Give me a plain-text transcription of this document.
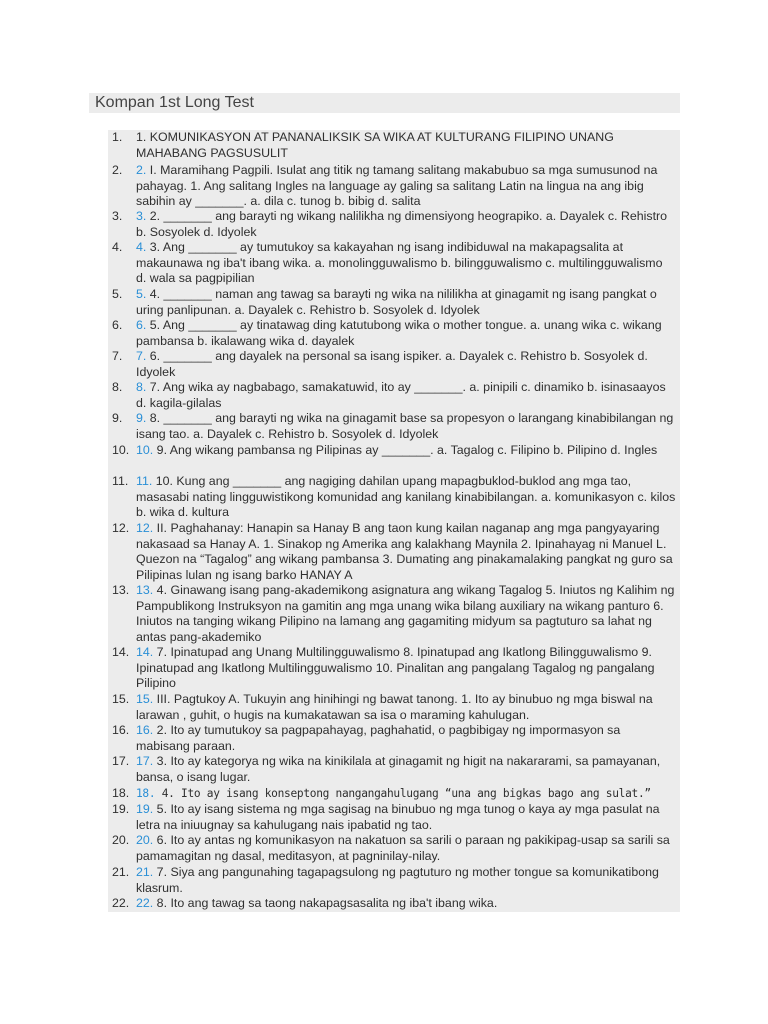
Kompan 1st Long Test
1.	1. KOMUNIKASYON AT PANANALIKSIK SA WIKA AT KULTURANG FILIPINO UNANG MAHABANG PAGSUSULIT
2.	2. I. Maramihang Pagpili. Isulat ang titik ng tamang salitang makabubuo sa mga sumusunod na pahayag. 1. Ang salitang Ingles na language ay galing sa salitang Latin na lingua na ang ibig sabihin ay _______. a. dila c. tunog b. bibig d. salita
3.	3. 2. _______ ang barayti ng wikang nalilikha ng dimensiyong heograpiko. a. Dayalek c. Rehistro b. Sosyolek d. Idyolek
4.	4. 3. Ang _______ ay tumutukoy sa kakayahan ng isang indibiduwal na makapagsalita at makaunawa ng iba't ibang wika. a. monolingguwalismo b. bilingguwalismo c. multilingguwalismo d. wala sa pagpipilian
5.	5. 4. _______ naman ang tawag sa barayti ng wika na nililikha at ginagamit ng isang pangkat o uring panlipunan. a. Dayalek c. Rehistro b. Sosyolek d. Idyolek
6.	6. 5. Ang _______ ay tinatawag ding katutubong wika o mother tongue. a. unang wika c. wikang pambansa b. ikalawang wika d. dayalek
7.	7. 6. _______ ang dayalek na personal sa isang ispiker. a. Dayalek c. Rehistro b. Sosyolek d. Idyolek
8.	8. 7. Ang wika ay nagbabago, samakatuwid, ito ay _______. a. pinipili c. dinamiko b. isinasaayos d. kagila-gilalas
9.	9. 8. _______ ang barayti ng wika na ginagamit base sa propesyon o larangang kinabibilangan ng isang tao. a. Dayalek c. Rehistro b. Sosyolek d. Idyolek
10. 10. 9. Ang wikang pambansa ng Pilipinas ay _______. a. Tagalog c. Filipino b. Pilipino d. Ingles
11. 11. 10. Kung ang _______ ang nagiging dahilan upang mapagbuklod-buklod ang mga tao, masasabi nating lingguwistikong komunidad ang kanilang kinabibilangan. a. komunikasyon c. kilos b. wika d. kultura
12. 12. II. Paghahanay: Hanapin sa Hanay B ang taon kung kailan naganap ang mga pangyayaring nakasaad sa Hanay A. 1. Sinakop ng Amerika ang kalakhang Maynila 2. Ipinahayag ni Manuel L. Quezon na “Tagalog” ang wikang pambansa 3. Dumating ang pinakamalaking pangkat ng guro sa Pilipinas lulan ng isang barko HANAY A
13. 13. 4. Ginawang isang pang-akademikong asignatura ang wikang Tagalog 5. Iniutos ng Kalihim ng Pampublikong Instruksyon na gamitin ang mga unang wika bilang auxiliary na wikang panturo 6. Iniutos na tanging wikang Pilipino na lamang ang gagamiting midyum sa pagtuturo sa lahat ng antas pang-akademiko
14. 14. 7. Ipinatupad ang Unang Multilingguwalismo 8. Ipinatupad ang Ikatlong Bilingguwalismo 9. Ipinatupad ang Ikatlong Multilingguwalismo 10. Pinalitan ang pangalang Tagalog ng pangalang Pilipino
15. 15. III. Pagtukoy A. Tukuyin ang hinihingi ng bawat tanong. 1. Ito ay binubuo ng mga biswal na larawan , guhit, o hugis na kumakatawan sa isa o maraming kahulugan.
16. 16. 2. Ito ay tumutukoy sa pagpapahayag, paghahatid, o pagbibigay ng impormasyon sa mabisang paraan.
17. 17. 3. Ito ay kategorya ng wika na kinikilala at ginagamit ng higit na nakararami, sa pamayanan, bansa, o isang lugar.
18. 18. 4. Ito ay isang konseptong nangangahulugang “una ang bigkas bago ang sulat.”
19. 19. 5. Ito ay isang sistema ng mga sagisag na binubuo ng mga tunog o kaya ay mga pasulat na letra na iniuugnay sa kahulugang nais ipabatid ng tao.
20. 20. 6. Ito ay antas ng komunikasyon na nakatuon sa sarili o paraan ng pakikipag-usap sa sarili sa pamamagitan ng dasal, meditasyon, at pagninilay-nilay.
21. 21. 7. Siya ang pangunahing tagapagsulong ng pagtuturo ng mother tongue sa komunikatibong klasrum.
22. 22. 8. Ito ang tawag sa taong nakapagsasalita ng iba't ibang wika.
